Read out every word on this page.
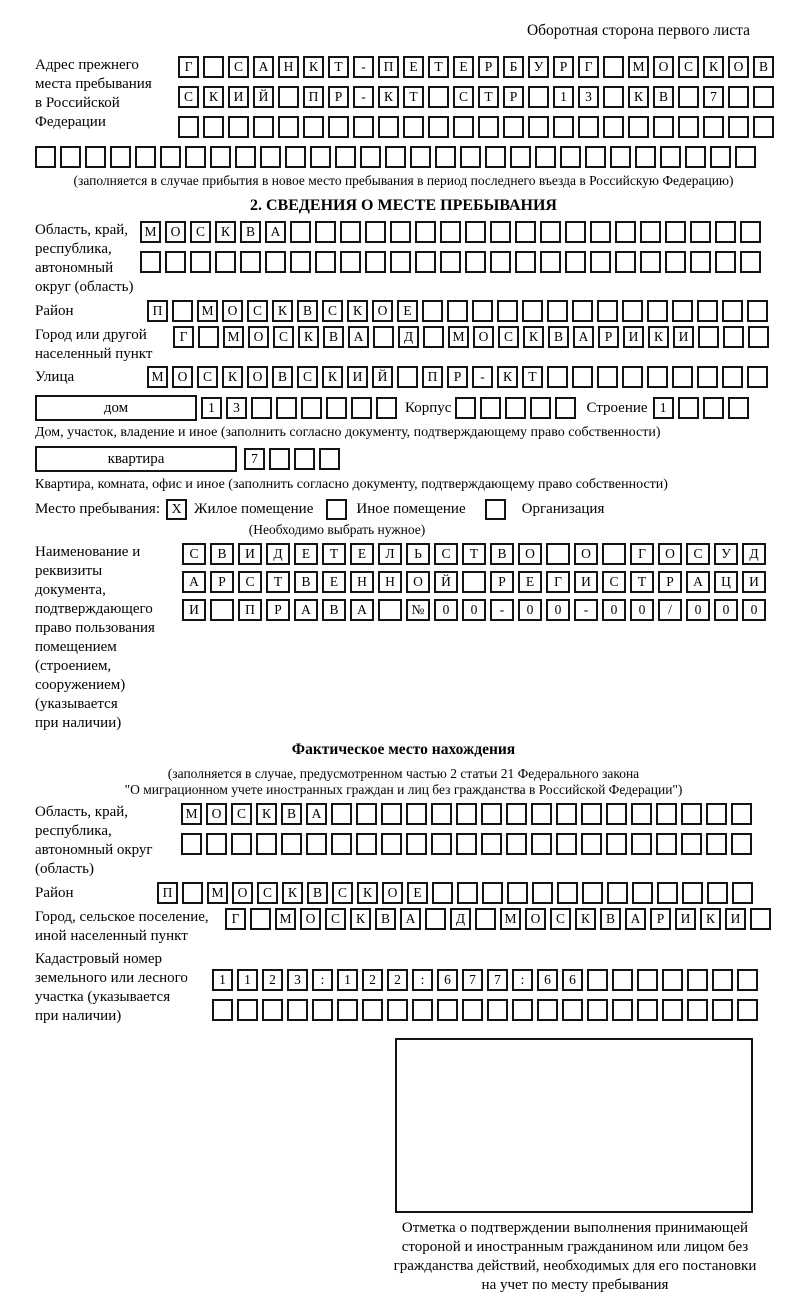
Оборотная сторона первого листа
Адрес прежнего
места пребывания
в Российской
Федерации
Г	С	А	Н	К	Т	-	П	Е	Т	Е	Р	Б	У	Р	Г	М	О	С	К	О	В
С	К	И	Й	П	Р	-	К	Т	С	Т	Р	1	3	К	В	7
(заполняется в случае прибытия в новое место пребывания в период последнего въезда в Российскую Федерацию)
2. СВЕДЕНИЯ О МЕСТЕ ПРЕБЫВАНИЯ
Область, край,
республика,
автономный
округ (область)
М	О	С	К	В	А
Район	П	М	О	С	К	В	С	К	О	Е
Город или другой
населенный пункт
Г	М	О	С	К	В	А	Д	М	О	С	К	В	А	Р	И	К	И
Улица	М	О	С	К	О	В	С	К	И	Й	П	Р	-	К	Т
дом	1	3	Корпус	Строение 1
Дом, участок, владение и иное (заполнить согласно документу, подтверждающему право собственности)
квартира	7
Квартира, комната, офис и иное (заполнить согласно документу, подтверждающему право собственности)
Место пребывания: X Жилое помещение	Иное помещение	Организация
(Необходимо выбрать нужное)
Наименование и реквизиты
документа, подтверждающего
право пользования
помещением (строением,
сооружением) (указывается
при наличии)
С	В	И	Д	Е	Т	Е	Л	Ь	С	Т	В	О	О	Г	О	С	У	Д
А	Р	С	Т	В	Е	Н	Н	О	Й	Р	Е	Г	И	С	Т	Р	А	Ц	И
И	П	Р	А	В	А	№	0	0	-	0	0	-	0	0	/	0	0	0
Фактическое место нахождения
(заполняется в случае, предусмотренном частью 2 статьи 21 Федерального закона
"О миграционном учете иностранных граждан и лиц без гражданства в Российской Федерации")
Область, край,
республика,
автономный округ
(область)
М	О	С	К	В	А
Район	П	М	О	С	К	В	С	К	О	Е
Город, сельское поселение,
иной населенный пункт
Г	М	О	С	К	В	А	Д	М	О	С	К	В	А	Р	И	К	И
Кадастровый номер
земельного или лесного
участка (указывается
при наличии)
1	1	2	3	:	1	2	2	:	6	7	7	:	6	6
Отметка о подтверждении выполнения принимающей
стороной и иностранным гражданином или лицом без
гражданства действий, необходимых для его постановки
на учет по месту пребывания
